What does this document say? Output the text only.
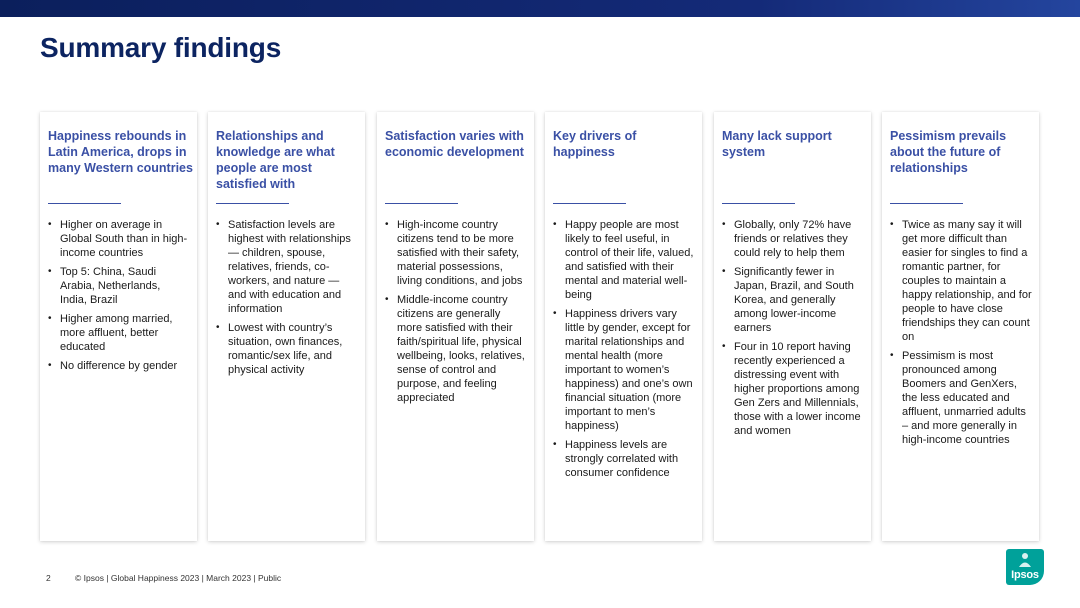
Summary findings
Happiness rebounds in Latin America, drops in many Western countries
• Higher on average in Global South than in high-income countries
• Top 5: China, Saudi Arabia, Netherlands, India, Brazil
• Higher among married, more affluent, better educated
• No difference by gender
Relationships and knowledge are what people are most satisfied with
• Satisfaction levels are highest with relationships — children, spouse, relatives, friends, co-workers, and nature — and with education and information
• Lowest with country’s situation, own finances, romantic/sex life, and physical activity
Satisfaction varies with economic development
• High-income country citizens tend to be more satisfied with their safety, material possessions, living conditions, and jobs
• Middle-income country citizens are generally more satisfied with their faith/spiritual life, physical wellbeing, looks, relatives, sense of control and purpose, and feeling appreciated
Key drivers of happiness
• Happy people are most likely to feel useful, in control of their life, valued, and satisfied with their mental and material well-being
• Happiness drivers vary little by gender, except for marital relationships and mental health (more important to women’s happiness) and one’s own financial situation (more important to men’s happiness)
• Happiness levels are strongly correlated with consumer confidence
Many lack support system
• Globally, only 72% have friends or relatives they could rely to help them
• Significantly fewer in Japan, Brazil, and South Korea, and generally among lower-income earners
• Four in 10 report having recently experienced a distressing event with higher proportions among Gen Zers and Millennials, those with a lower income and women
Pessimism prevails about the future of relationships
• Twice as many say it will get more difficult than easier for singles to find a romantic partner, for couples to maintain a happy relationship, and for people to have close friendships they can count on
• Pessimism is most pronounced among Boomers and GenXers, the less educated and affluent, unmarried adults – and more generally in high-income countries
2	© Ipsos | Global Happiness 2023 | March 2023 | Public	Ipsos
